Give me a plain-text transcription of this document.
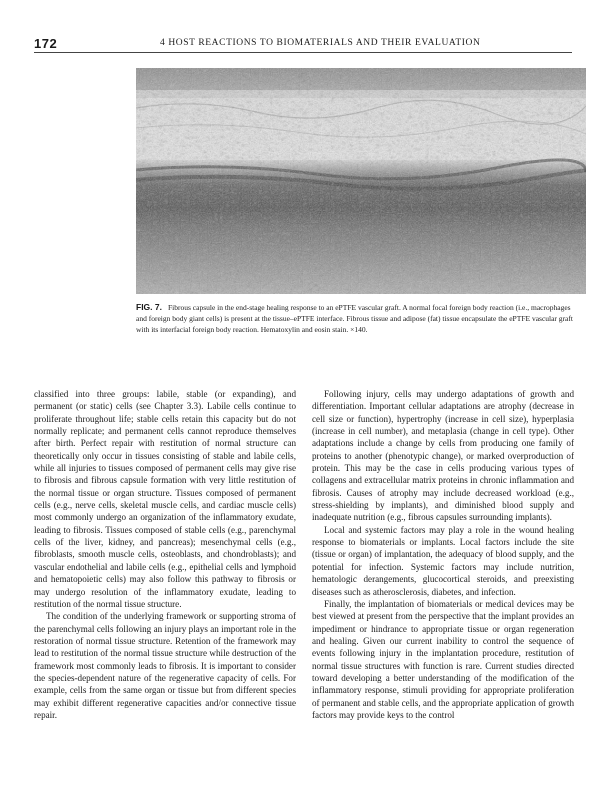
172	4 HOST REACTIONS TO BIOMATERIALS AND THEIR EVALUATION
FIG. 7. Fibrous capsule in the end-stage healing response to an ePTFE vascular graft. A normal focal foreign body reaction (i.e., macrophages and foreign body giant cells) is present at the tissue–ePTFE interface. Fibrous tissue and adipose (fat) tissue encapsulate the ePTFE vascular graft with its interfacial foreign body reaction. Hematoxylin and eosin stain. ×140.

classified into three groups: labile, stable (or expanding), and permanent (or static) cells (see Chapter 3.3). Labile cells continue to proliferate throughout life; stable cells retain this capacity but do not normally replicate; and permanent cells cannot reproduce themselves after birth. Perfect repair with restitution of normal structure can theoretically only occur in tissues consisting of stable and labile cells, while all injuries to tissues composed of permanent cells may give rise to fibrosis and fibrous capsule formation with very little restitution of the normal tissue or organ structure. Tissues composed of permanent cells (e.g., nerve cells, skeletal muscle cells, and cardiac muscle cells) most commonly undergo an organization of the inflammatory exudate, leading to fibrosis. Tissues composed of stable cells (e.g., parenchymal cells of the liver, kidney, and pancreas); mesenchymal cells (e.g., fibroblasts, smooth muscle cells, osteoblasts, and chondroblasts); and vascular endothelial and labile cells (e.g., epithelial cells and lymphoid and hematopoietic cells) may also follow this pathway to fibrosis or may undergo resolution of the inflammatory exudate, leading to restitution of the normal tissue structure.

The condition of the underlying framework or supporting stroma of the parenchymal cells following an injury plays an important role in the restoration of normal tissue structure. Retention of the framework may lead to restitution of the normal tissue structure while destruction of the framework most commonly leads to fibrosis. It is important to consider the species-dependent nature of the regenerative capacity of cells. For example, cells from the same organ or tissue but from different species may exhibit different regenerative capacities and/or connective tissue repair.

Following injury, cells may undergo adaptations of growth and differentiation. Important cellular adaptations are atrophy (decrease in cell size or function), hypertrophy (increase in cell size), hyperplasia (increase in cell number), and metaplasia (change in cell type). Other adaptations include a change by cells from producing one family of proteins to another (phenotypic change), or marked overproduction of protein. This may be the case in cells producing various types of collagens and extracellular matrix proteins in chronic inflammation and fibrosis. Causes of atrophy may include decreased workload (e.g., stress-shielding by implants), and diminished blood supply and inadequate nutrition (e.g., fibrous capsules surrounding implants).

Local and systemic factors may play a role in the wound healing response to biomaterials or implants. Local factors include the site (tissue or organ) of implantation, the adequacy of blood supply, and the potential for infection. Systemic factors may include nutrition, hematologic derangements, glucocortical steroids, and preexisting diseases such as atherosclerosis, diabetes, and infection.

Finally, the implantation of biomaterials or medical devices may be best viewed at present from the perspective that the implant provides an impediment or hindrance to appropriate tissue or organ regeneration and healing. Given our current inability to control the sequence of events following injury in the implantation procedure, restitution of normal tissue structures with function is rare. Current studies directed toward developing a better understanding of the modification of the inflammatory response, stimuli providing for appropriate proliferation of permanent and stable cells, and the appropriate application of growth factors may provide keys to the control
